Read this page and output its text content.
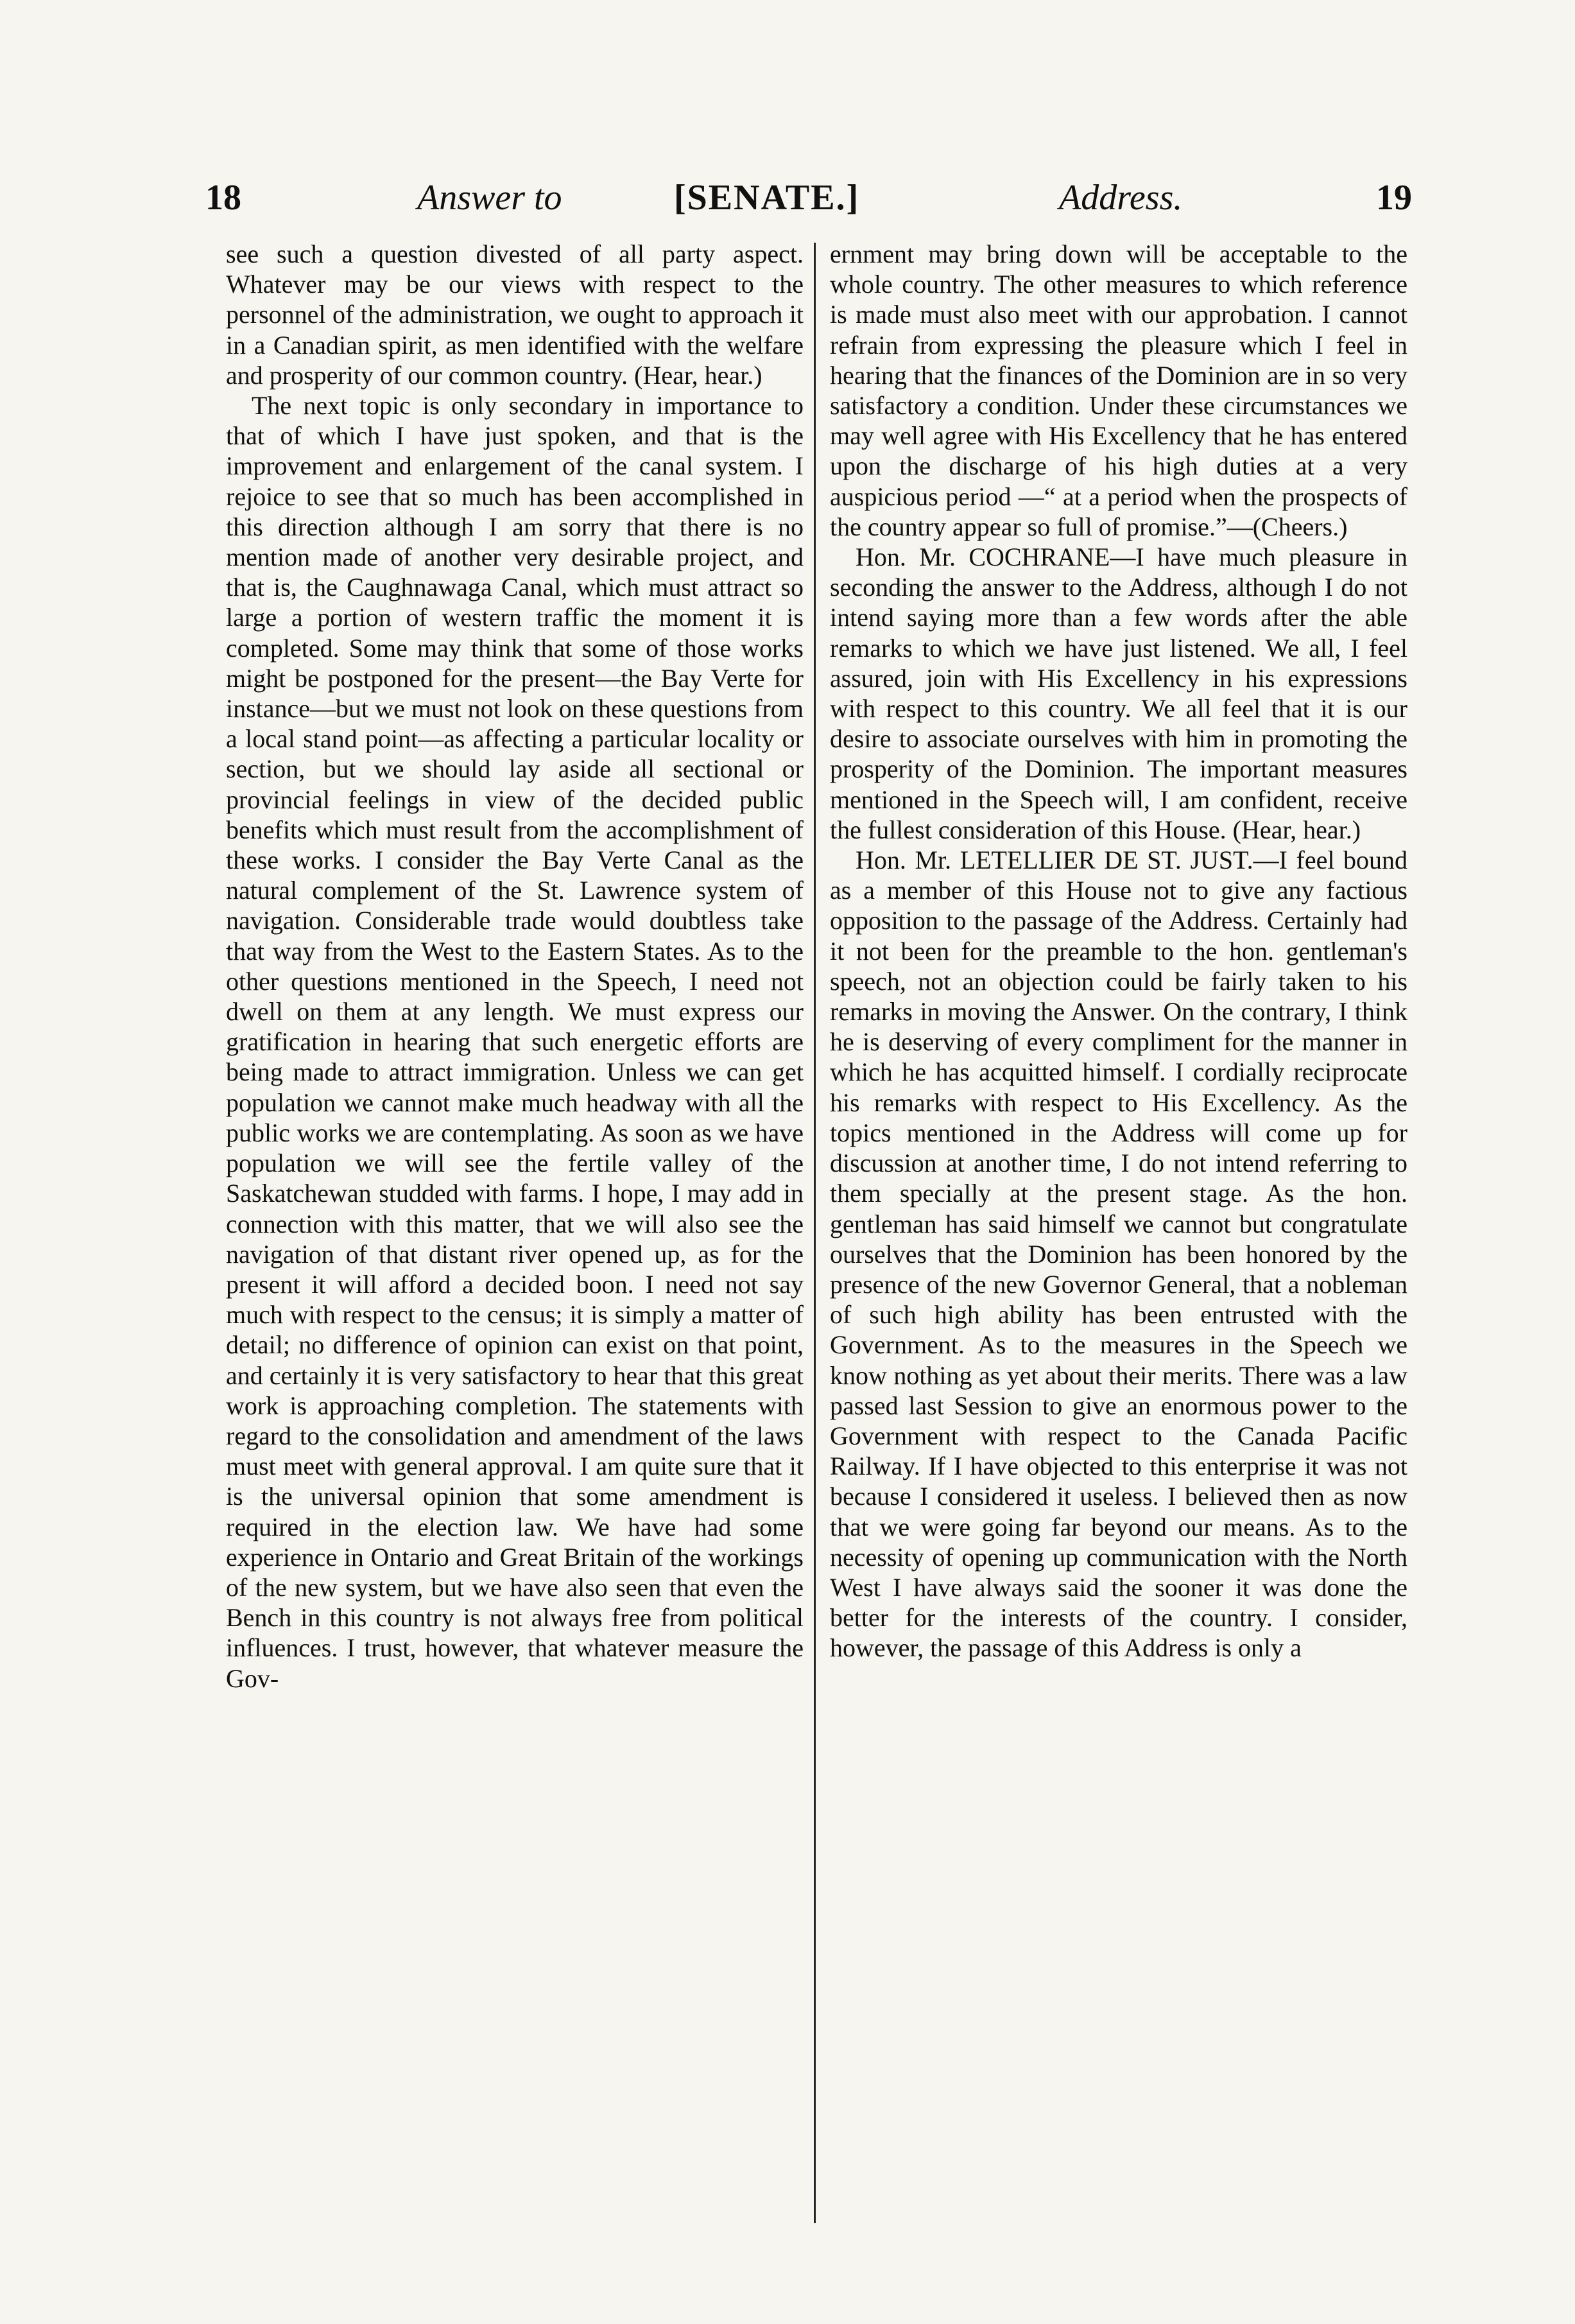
18	Answer to	[SENATE.]	Address.	19

see such a question divested of all party aspect. Whatever may be our views with respect to the personnel of the administration, we ought to approach it in a Canadian spirit, as men identified with the welfare and prosperity of our common country. (Hear, hear.)

The next topic is only secondary in importance to that of which I have just spoken, and that is the improvement and enlargement of the canal system. I rejoice to see that so much has been accomplished in this direction although I am sorry that there is no mention made of another very desirable project, and that is, the Caughnawaga Canal, which must attract so large a portion of western traffic the moment it is completed. Some may think that some of those works might be postponed for the present—the Bay Verte for instance—but we must not look on these questions from a local stand point—as affecting a particular locality or section, but we should lay aside all sectional or provincial feelings in view of the decided public benefits which must result from the accomplishment of these works. I consider the Bay Verte Canal as the natural complement of the St. Lawrence system of navigation. Considerable trade would doubtless take that way from the West to the Eastern States. As to the other questions mentioned in the Speech, I need not dwell on them at any length. We must express our gratification in hearing that such energetic efforts are being made to attract immigration. Unless we can get population we cannot make much headway with all the public works we are contemplating. As soon as we have population we will see the fertile valley of the Saskatchewan studded with farms. I hope, I may add in connection with this matter, that we will also see the navigation of that distant river opened up, as for the present it will afford a decided boon. I need not say much with respect to the census; it is simply a matter of detail; no difference of opinion can exist on that point, and certainly it is very satisfactory to hear that this great work is approaching completion. The statements with regard to the consolidation and amendment of the laws must meet with general approval. I am quite sure that it is the universal opinion that some amendment is required in the election law. We have had some experience in Ontario and Great Britain of the workings of the new system, but we have also seen that even the Bench in this country is not always free from political influences. I trust, however, that whatever measure the Gov-

ernment may bring down will be acceptable to the whole country. The other measures to which reference is made must also meet with our approbation. I cannot refrain from expressing the pleasure which I feel in hearing that the finances of the Dominion are in so very satisfactory a condition. Under these circumstances we may well agree with His Excellency that he has entered upon the discharge of his high duties at a very auspicious period —“ at a period when the prospects of the country appear so full of promise.”—(Cheers.)

Hon. Mr. COCHRANE—I have much pleasure in seconding the answer to the Address, although I do not intend saying more than a few words after the able remarks to which we have just listened. We all, I feel assured, join with His Excellency in his expressions with respect to this country. We all feel that it is our desire to associate ourselves with him in promoting the prosperity of the Dominion. The important measures mentioned in the Speech will, I am confident, receive the fullest consideration of this House. (Hear, hear.)

Hon. Mr. LETELLIER DE ST. JUST.—I feel bound as a member of this House not to give any factious opposition to the passage of the Address. Certainly had it not been for the preamble to the hon. gentleman's speech, not an objection could be fairly taken to his remarks in moving the Answer. On the contrary, I think he is deserving of every compliment for the manner in which he has acquitted himself. I cordially reciprocate his remarks with respect to His Excellency. As the topics mentioned in the Address will come up for discussion at another time, I do not intend referring to them specially at the present stage. As the hon. gentleman has said himself we cannot but congratulate ourselves that the Dominion has been honored by the presence of the new Governor General, that a nobleman of such high ability has been entrusted with the Government. As to the measures in the Speech we know nothing as yet about their merits. There was a law passed last Session to give an enormous power to the Government with respect to the Canada Pacific Railway. If I have objected to this enterprise it was not because I considered it useless. I believed then as now that we were going far beyond our means. As to the necessity of opening up communication with the North West I have always said the sooner it was done the better for the interests of the country. I consider, however, the passage of this Address is only a
